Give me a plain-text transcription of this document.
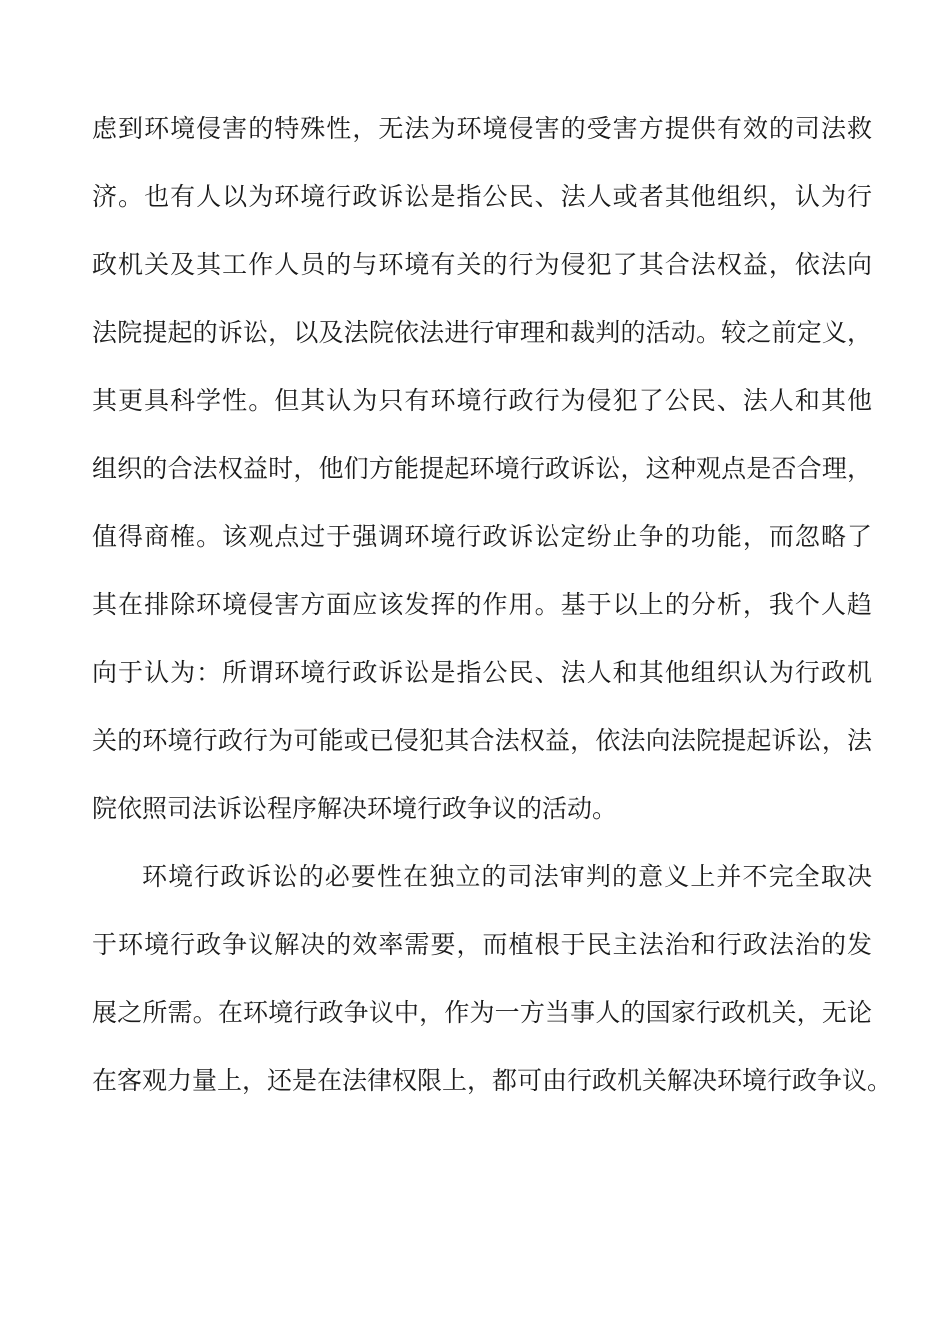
虑到环境侵害的特殊性，无法为环境侵害的受害方提供有效的司法救
济。也有人以为环境行政诉讼是指公民、法人或者其他组织，认为行
政机关及其工作人员的与环境有关的行为侵犯了其合法权益，依法向
法院提起的诉讼，以及法院依法进行审理和裁判的活动。较之前定义，
其更具科学性。但其认为只有环境行政行为侵犯了公民、法人和其他
组织的合法权益时，他们方能提起环境行政诉讼，这种观点是否合理，
值得商榷。该观点过于强调环境行政诉讼定纷止争的功能，而忽略了
其在排除环境侵害方面应该发挥的作用。基于以上的分析，我个人趋
向于认为：所谓环境行政诉讼是指公民、法人和其他组织认为行政机
关的环境行政行为可能或已侵犯其合法权益，依法向法院提起诉讼，法
院依照司法诉讼程序解决环境行政争议的活动。
环境行政诉讼的必要性在独立的司法审判的意义上并不完全取决
于环境行政争议解决的效率需要，而植根于民主法治和行政法治的发
展之所需。在环境行政争议中，作为一方当事人的国家行政机关，无论
在客观力量上，还是在法律权限上，都可由行政机关解决环境行政争议。
